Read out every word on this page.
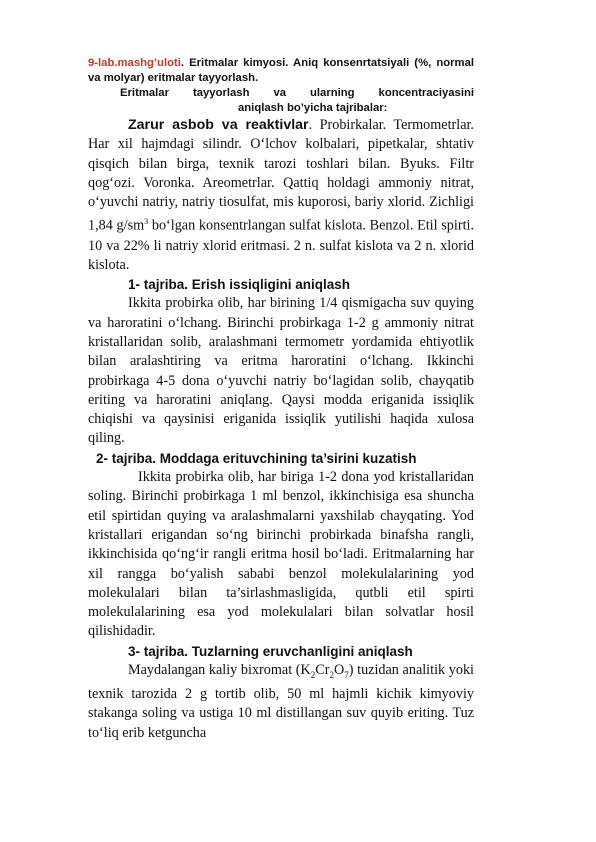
9-lab.mashg’uloti. Eritmalar kimyosi. Aniq konsenrtatsiyali (%, normal va molyar) eritmalar tayyorlash.
Eritmalar tayyorlash va ularning koncentraciyasini
aniqlash bo’yicha tajribalar:

Zarur asbob va reaktivlar. Probirkalar. Termometrlar. Har xil hajmdagi silindr. O‘lchov kolbalari, pipetkalar, shtativ qisqich bilan birga, texnik tarozi toshlari bilan. Byuks. Filtr qog‘ozi. Voronka. Areometrlar. Qattiq holdagi ammoniy nitrat, o‘yuvchi natriy, natriy tiosulfat, mis kuporosi, bariy xlorid. Zichligi 1,84 $g/sm^3$ bo‘lgan konsentrlangan sulfat kislota. Benzol. Etil spirti. 10 va 22% li natriy xlorid eritmasi. 2 n. sulfat kislota va 2 n. xlorid kislota.

1- tajriba. Erish issiqligini aniqlash

Ikkita probirka olib, har birining 1/4 qismigacha suv quying va haroratini o‘lchang. Birinchi probirkaga 1-2 g ammoniy nitrat kristallaridan solib, aralashmani termometr yordamida ehtiyotlik bilan aralashtiring va eritma haroratini o‘lchang. Ikkinchi probirkaga 4-5 dona o‘yuvchi natriy bo‘lagidan solib, chayqatib eriting va haroratini aniqlang. Qaysi modda eriganida issiqlik chiqishi va qaysinisi eriganida issiqlik yutilishi haqida xulosa qiling.

2- tajriba. Moddaga erituvchining ta’sirini kuzatish

Ikkita probirka olib, har biriga 1-2 dona yod kristallaridan soling. Birinchi probirkaga 1 ml benzol, ikkinchisiga esa shuncha etil spirtidan quying va aralashmalarni yaxshilab chayqating. Yod kristallari erigandan so‘ng birinchi probirkada binafsha rangli, ikkinchisida qo‘ng‘ir rangli eritma hosil bo‘ladi. Eritmalarning har xil rangga bo‘yalish sababi benzol molekulalarining yod molekulalari bilan ta’sirlashmasligida, qutbli etil spirti molekulalarining esa yod molekulalari bilan solvatlar hosil qilishidadir.

3- tajriba. Tuzlarning eruvchanligini aniqlash

Maydalangan kaliy bixromat $(K_2Cr_2O_7)$ tuzidan analitik yoki texnik tarozida 2 g tortib olib, 50 ml hajmli kichik kimyoviy stakanga soling va ustiga 10 ml distillangan suv quyib eriting. Tuz to‘liq erib ketguncha
